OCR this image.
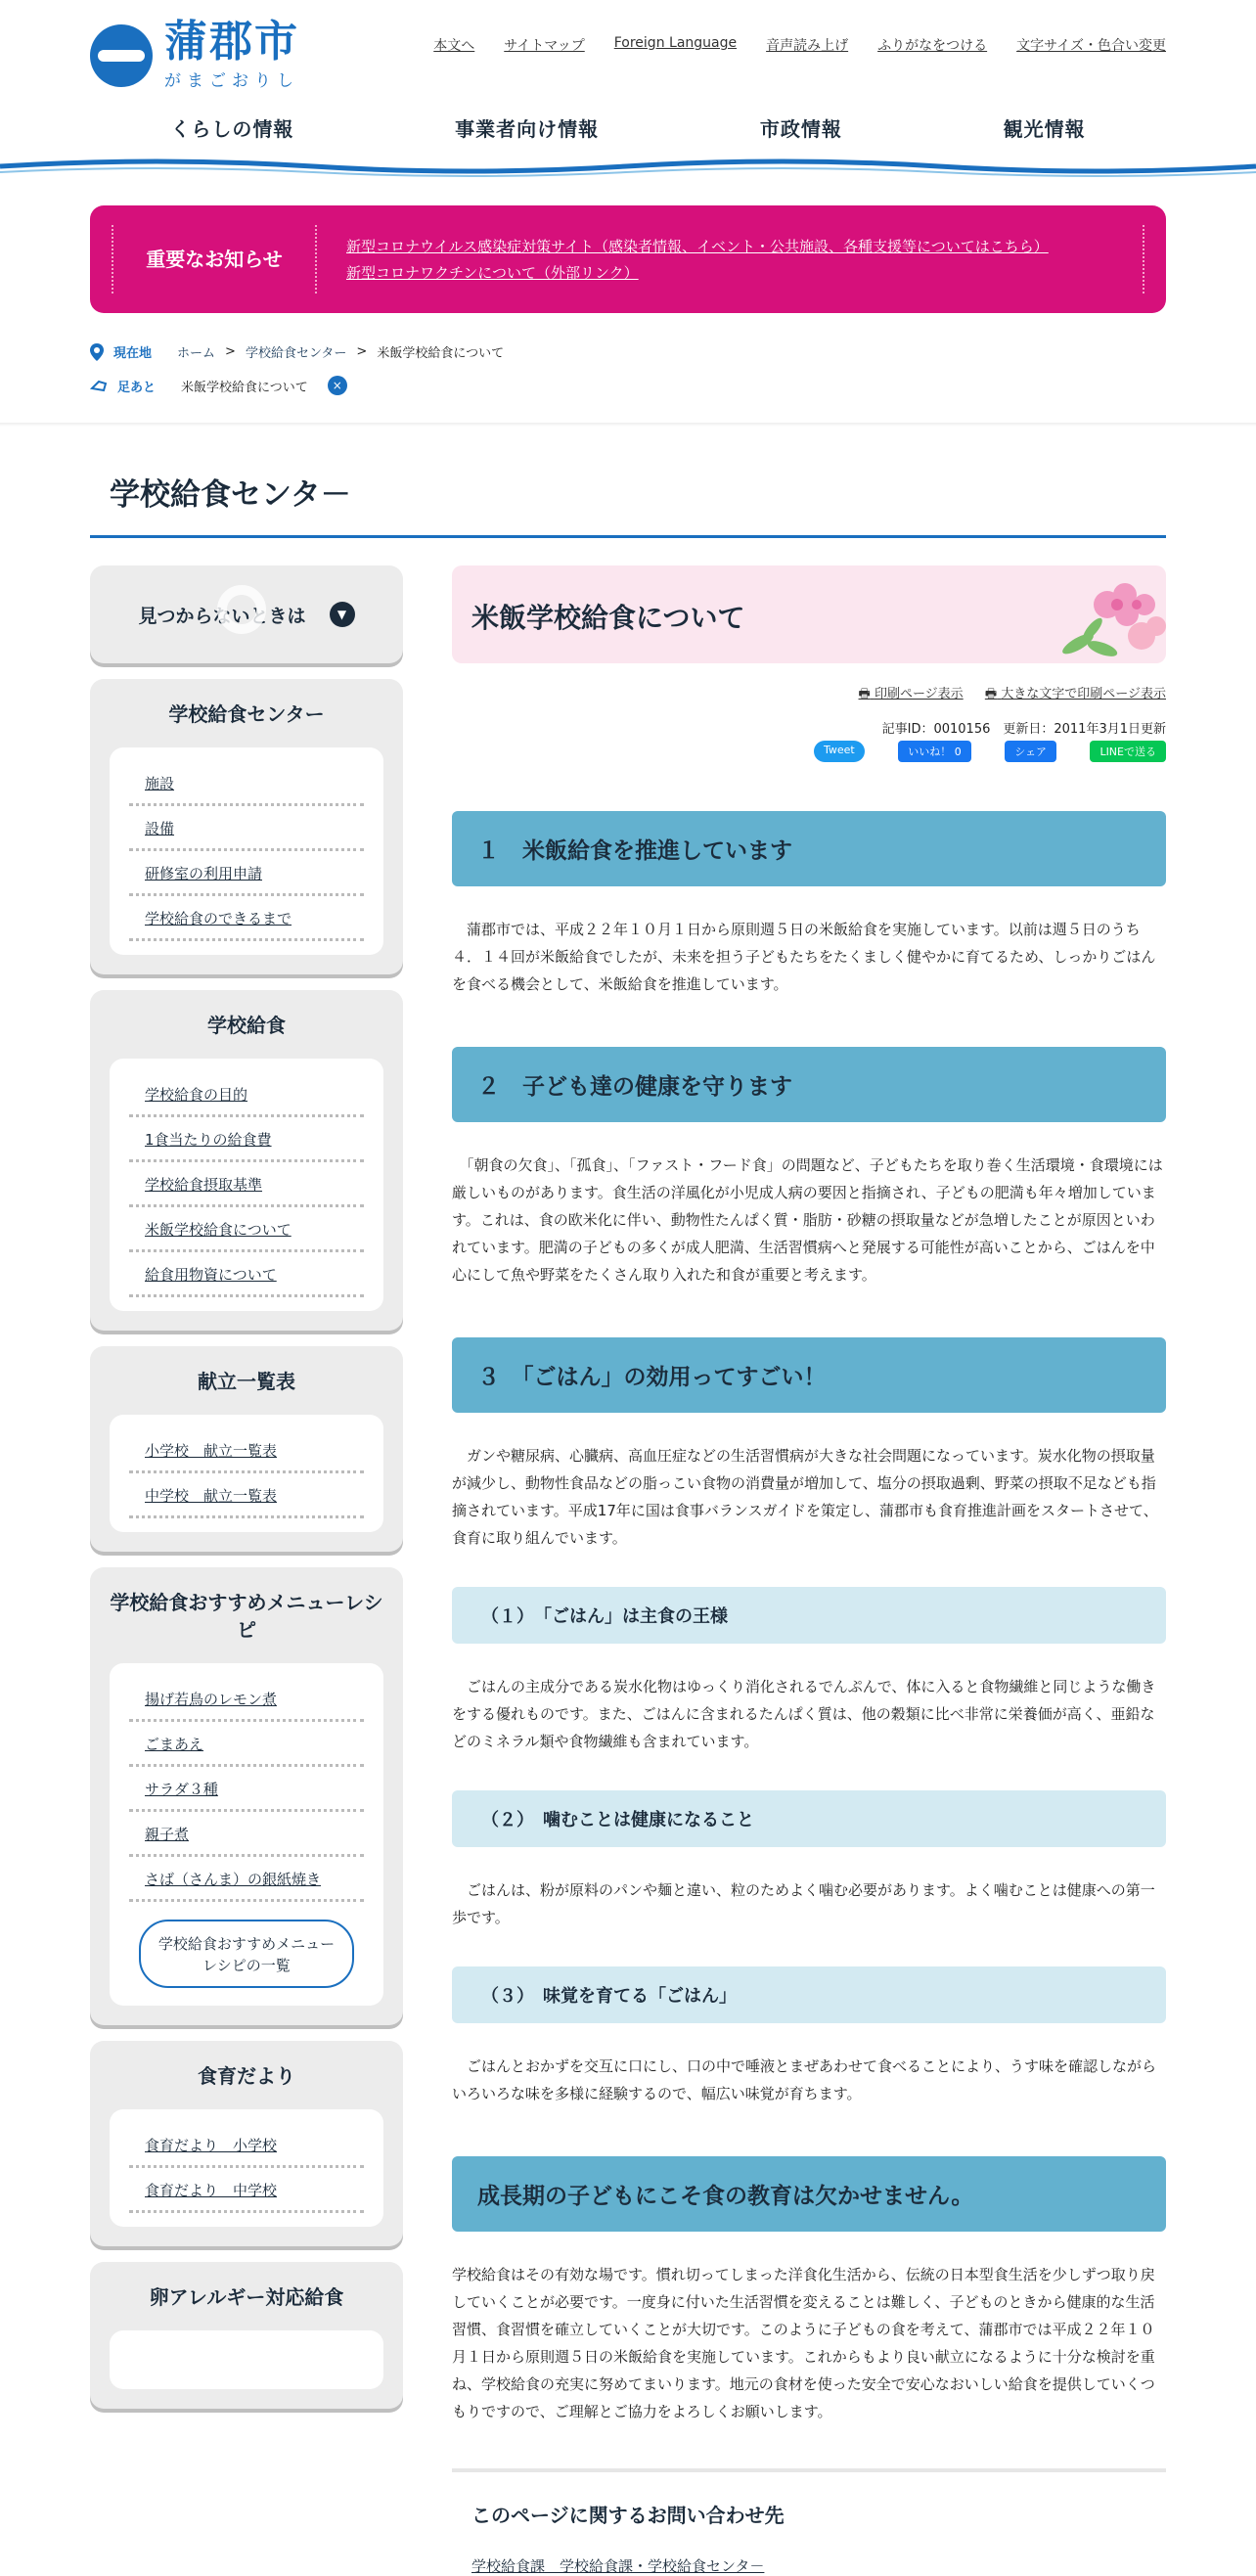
蒲郡市
がまごおりし
本文へ サイトマップ Foreign Language 音声読み上げ ふりがなをつける 文字サイズ・色合い変更
くらしの情報	事業者向け情報	市政情報	観光情報
重要なお知らせ
新型コロナウイルス感染症対策サイト（感染者情報、イベント・公共施設、各種支援等についてはこちら）
新型コロナワクチンについて（外部リンク）
現在地 ホーム > 学校給食センター > 米飯学校給食について
足あと 米飯学校給食について	×
学校給食センタ－
見つからないときは	▼
学校給食センター
施設
設備
研修室の利用申請
学校給食のできるまで
学校給食
学校給食の目的
1食当たりの給食費
学校給食摂取基準
米飯学校給食について
給食用物資について
献立一覧表
小学校　献立一覧表
中学校　献立一覧表
学校給食おすすめメニューレシピ
揚げ若鳥のレモン煮
ごまあえ
サラダ３種
親子煮
さば（さんま）の銀紙焼き
学校給食おすすめメニューレシピの一覧
食育だより
食育だより　小学校
食育だより　中学校
卵アレルギー対応給食
米飯学校給食について
🖶 印刷ページ表示 🖶 大きな文字で印刷ページ表示
記事ID：0010156　更新日：2011年3月1日更新
Tweet	いいね！ 0	シェア	LINEで送る
１　米飯給食を推進しています
　蒲郡市では、平成２２年１０月１日から原則週５日の米飯給食を実施しています。以前は週５日のうち４．１４回が米飯給食でしたが、未来を担う子どもたちをたくましく健やかに育てるため、しっかりごはんを食べる機会として、米飯給食を推進しています。
２　子ども達の健康を守ります
　「朝食の欠食」、「孤食」、「ファスト・フード食」の問題など、子どもたちを取り巻く生活環境・食環境には厳しいものがあります。食生活の洋風化が小児成人病の要因と指摘され、子どもの肥満も年々増加しています。これは、食の欧米化に伴い、動物性たんぱく質・脂肪・砂糖の摂取量などが急増したことが原因といわれています。肥満の子どもの多くが成人肥満、生活習慣病へと発展する可能性が高いことから、ごはんを中心にして魚や野菜をたくさん取り入れた和食が重要と考えます。
３　「ごはん」の効用ってすごい！
　ガンや糖尿病、心臓病、高血圧症などの生活習慣病が大きな社会問題になっています。炭水化物の摂取量が減少し、動物性食品などの脂っこい食物の消費量が増加して、塩分の摂取過剰、野菜の摂取不足なども指摘されています。平成17年に国は食事バランスガイドを策定し、蒲郡市も食育推進計画をスタートさせて、食育に取り組んでいます。
（１）　「ごはん」は主食の王様
　ごはんの主成分である炭水化物はゆっくり消化されるでんぷんで、体に入ると食物繊維と同じような働きをする優れものです。また、ごはんに含まれるたんぱく質は、他の穀類に比べ非常に栄養価が高く、亜鉛などのミネラル類や食物繊維も含まれています。
（２）　噛むことは健康になること
　ごはんは、粉が原料のパンや麺と違い、粒のためよく噛む必要があります。よく噛むことは健康への第一歩です。
（３）　味覚を育てる「ごはん」
　ごはんとおかずを交互に口にし、口の中で唾液とまぜあわせて食べることにより、うす味を確認しながらいろいろな味を多様に経験するので、幅広い味覚が育ちます。
成長期の子どもにこそ食の教育は欠かせません。
学校給食はその有効な場です。慣れ切ってしまった洋食化生活から、伝統の日本型食生活を少しずつ取り戻していくことが必要です。一度身に付いた生活習慣を変えることは難しく、子どものときから健康的な生活習慣、食習慣を確立していくことが大切です。このように子どもの食を考えて、蒲郡市では平成２２年１０月１日から原則週５日の米飯給食を実施しています。これからもより良い献立になるように十分な検討を重ね、学校給食の充実に努めてまいります。地元の食材を使った安全で安心なおいしい給食を提供していくつもりですので、ご理解とご協力をよろしくお願いします。
このページに関するお問い合わせ先
学校給食課　学校給食課・学校給食センタ－
